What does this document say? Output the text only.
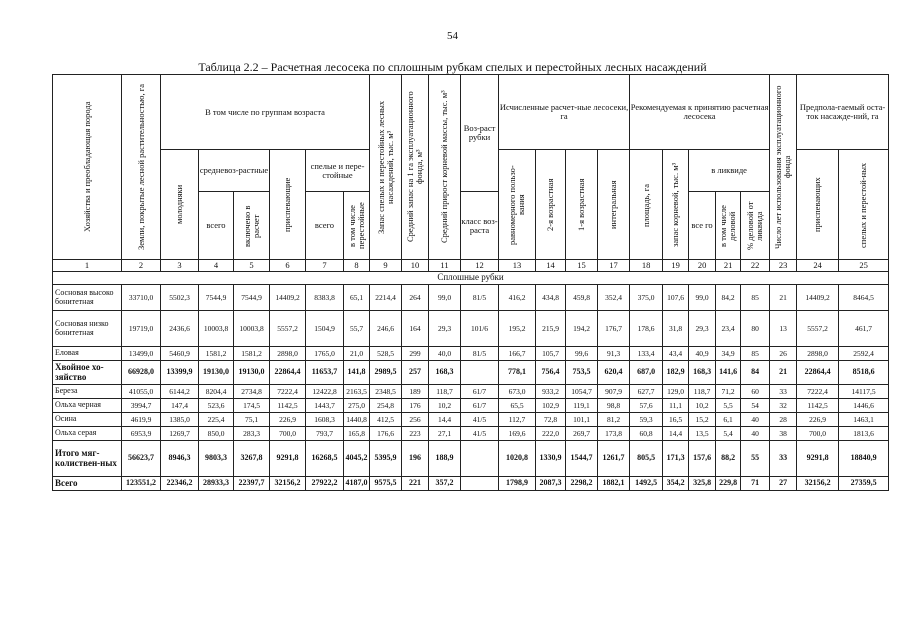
54
Таблица 2.2 – Расчетная лесосека по сплошным рубкам спелых и перестойных лесных насаждений
Хозяйства и преобладающая порода	Земли, покрытые лесной растительностью, га	В том числе по группам возраста						Запас спелых и перестойных лесных насаждений, тыс. м³	Средний запас на 1 га эксплуатационного фонда, м³	Средний прирост корневой массы, тыс. м³	Воз-раст рубки	Исчисленные расчет-ные лесосеки, га				Рекомендуемая к принятию расчетная лесосека					Число лет использования эксплуатационного фонда	Предпола-гаемый оста-ток насажде-ний, га	

		молодняки	средневоз-растные		приспевающие	спелые и пере-стойные						равномерного пользо-вания	2-я возрастная	1-я возрастная	интегральная	площадь, га	запас корневой, тыс. м³	в ликвиде				приспевающих	спелых и перестой-ных

			всего	включено в расчет		всего	в том числе перестойные				класс воз-раста							все го	в том числе деловой	% деловой от ликвида			

1	2	3	4	5	6	7	8	9	10	11	12	13	14	15	17	18	19	20	21	22	23	24	25
Сплошные рубки																							
Сосновая высоко бонитетная	33710,0	5502,3	7544,9	7544,9	14409,2	8383,8	65,1	2214,4	264	99,0	81/5	416,2	434,8	459,8	352,4	375,0	107,6	99,0	84,2	85	21	14409,2	8464,5
Сосновая низко бонитетная	19719,0	2436,6	10003,8	10003,8	5557,2	1504,9	55,7	246,6	164	29,3	101/6	195,2	215,9	194,2	176,7	178,6	31,8	29,3	23,4	80	13	5557,2	461,7
Еловая	13499,0	5460,9	1581,2	1581,2	2898,0	1765,0	21,0	528,5	299	40,0	81/5	166,7	105,7	99,6	91,3	133,4	43,4	40,9	34,9	85	26	2898,0	2592,4
Хвойное хо-зяйство	66928,0	13399,9	19130,0	19130,0	22864,4	11653,7	141,8	2989,5	257	168,3		778,1	756,4	753,5	620,4	687,0	182,9	168,3	141,6	84	21	22864,4	8518,6
Береза	41055,0	6144,2	8204,4	2734,8	7222,4	12422,8	2163,5	2348,5	189	118,7	61/7	673,0	933,2	1054,7	907,9	627,7	129,0	118,7	71,2	60	33	7222,4	14117,5
Ольха черная	3994,7	147,4	523,6	174,5	1142,5	1443,7	275,0	254,8	176	10,2	61/7	65,5	102,9	119,1	98,8	57,6	11,1	10,2	5,5	54	32	1142,5	1446,6
Осина	4619,9	1385,0	225,4	75,1	226,9	1608,3	1440,8	412,5	256	14,4	41/5	112,7	72,8	101,1	81,2	59,3	16,5	15,2	6,1	40	28	226,9	1463,1
Ольха серая	6953,9	1269,7	850,0	283,3	700,0	793,7	165,8	176,6	223	27,1	41/5	169,6	222,0	269,7	173,8	60,8	14,4	13,5	5,4	40	38	700,0	1813,6
Итого мяг-колиствен-ных	56623,7	8946,3	9803,3	3267,8	9291,8	16268,5	4045,2	5395,9	196	188,9		1020,8	1330,9	1544,7	1261,7	805,5	171,3	157,6	88,2	55	33	9291,8	18840,9
Всего	123551,2	22346,2	28933,3	22397,7	32156,2	27922,2	4187,0	9575,5	221	357,2		1798,9	2087,3	2298,2	1882,1	1492,5	354,2	325,8	229,8	71	27	32156,2	27359,5
